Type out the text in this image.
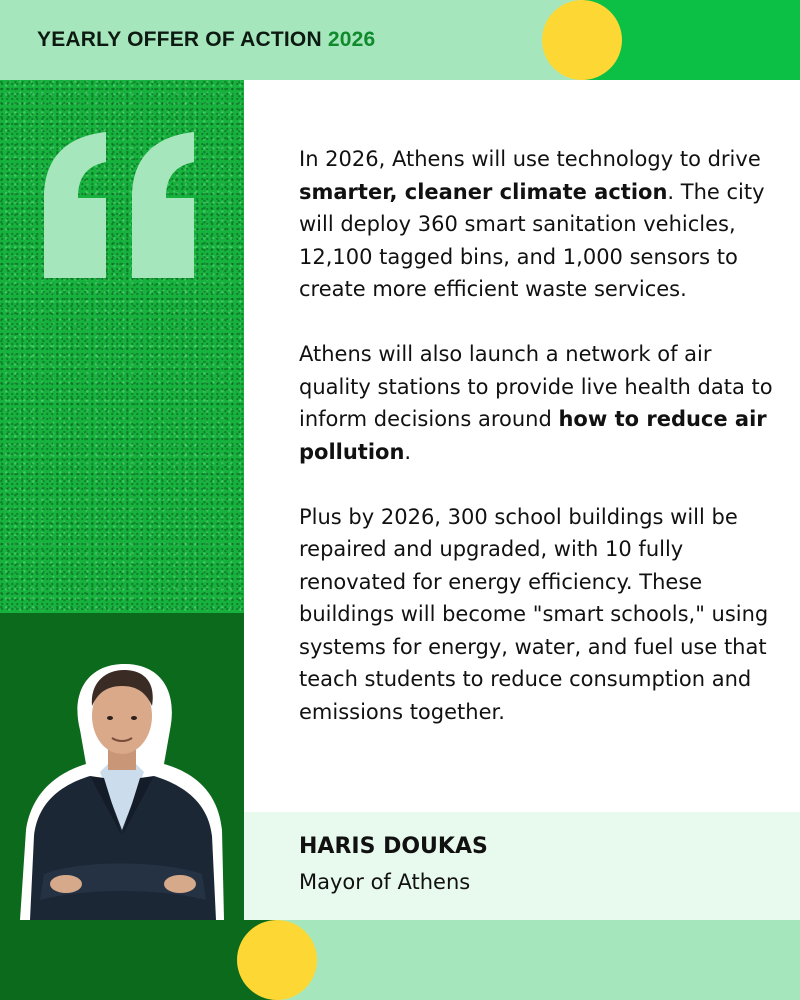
YEARLY OFFER OF ACTION 2026

In 2026, Athens will use technology to drive smarter, cleaner climate action. The city will deploy 360 smart sanitation vehicles, 12,100 tagged bins, and 1,000 sensors to create more efficient waste services.

Athens will also launch a network of air quality stations to provide live health data to inform decisions around how to reduce air pollution.

Plus by 2026, 300 school buildings will be repaired and upgraded, with 10 fully renovated for energy efficiency. These buildings will become "smart schools," using systems for energy, water, and fuel use that teach students to reduce consumption and emissions together.

HARIS DOUKAS
Mayor of Athens
